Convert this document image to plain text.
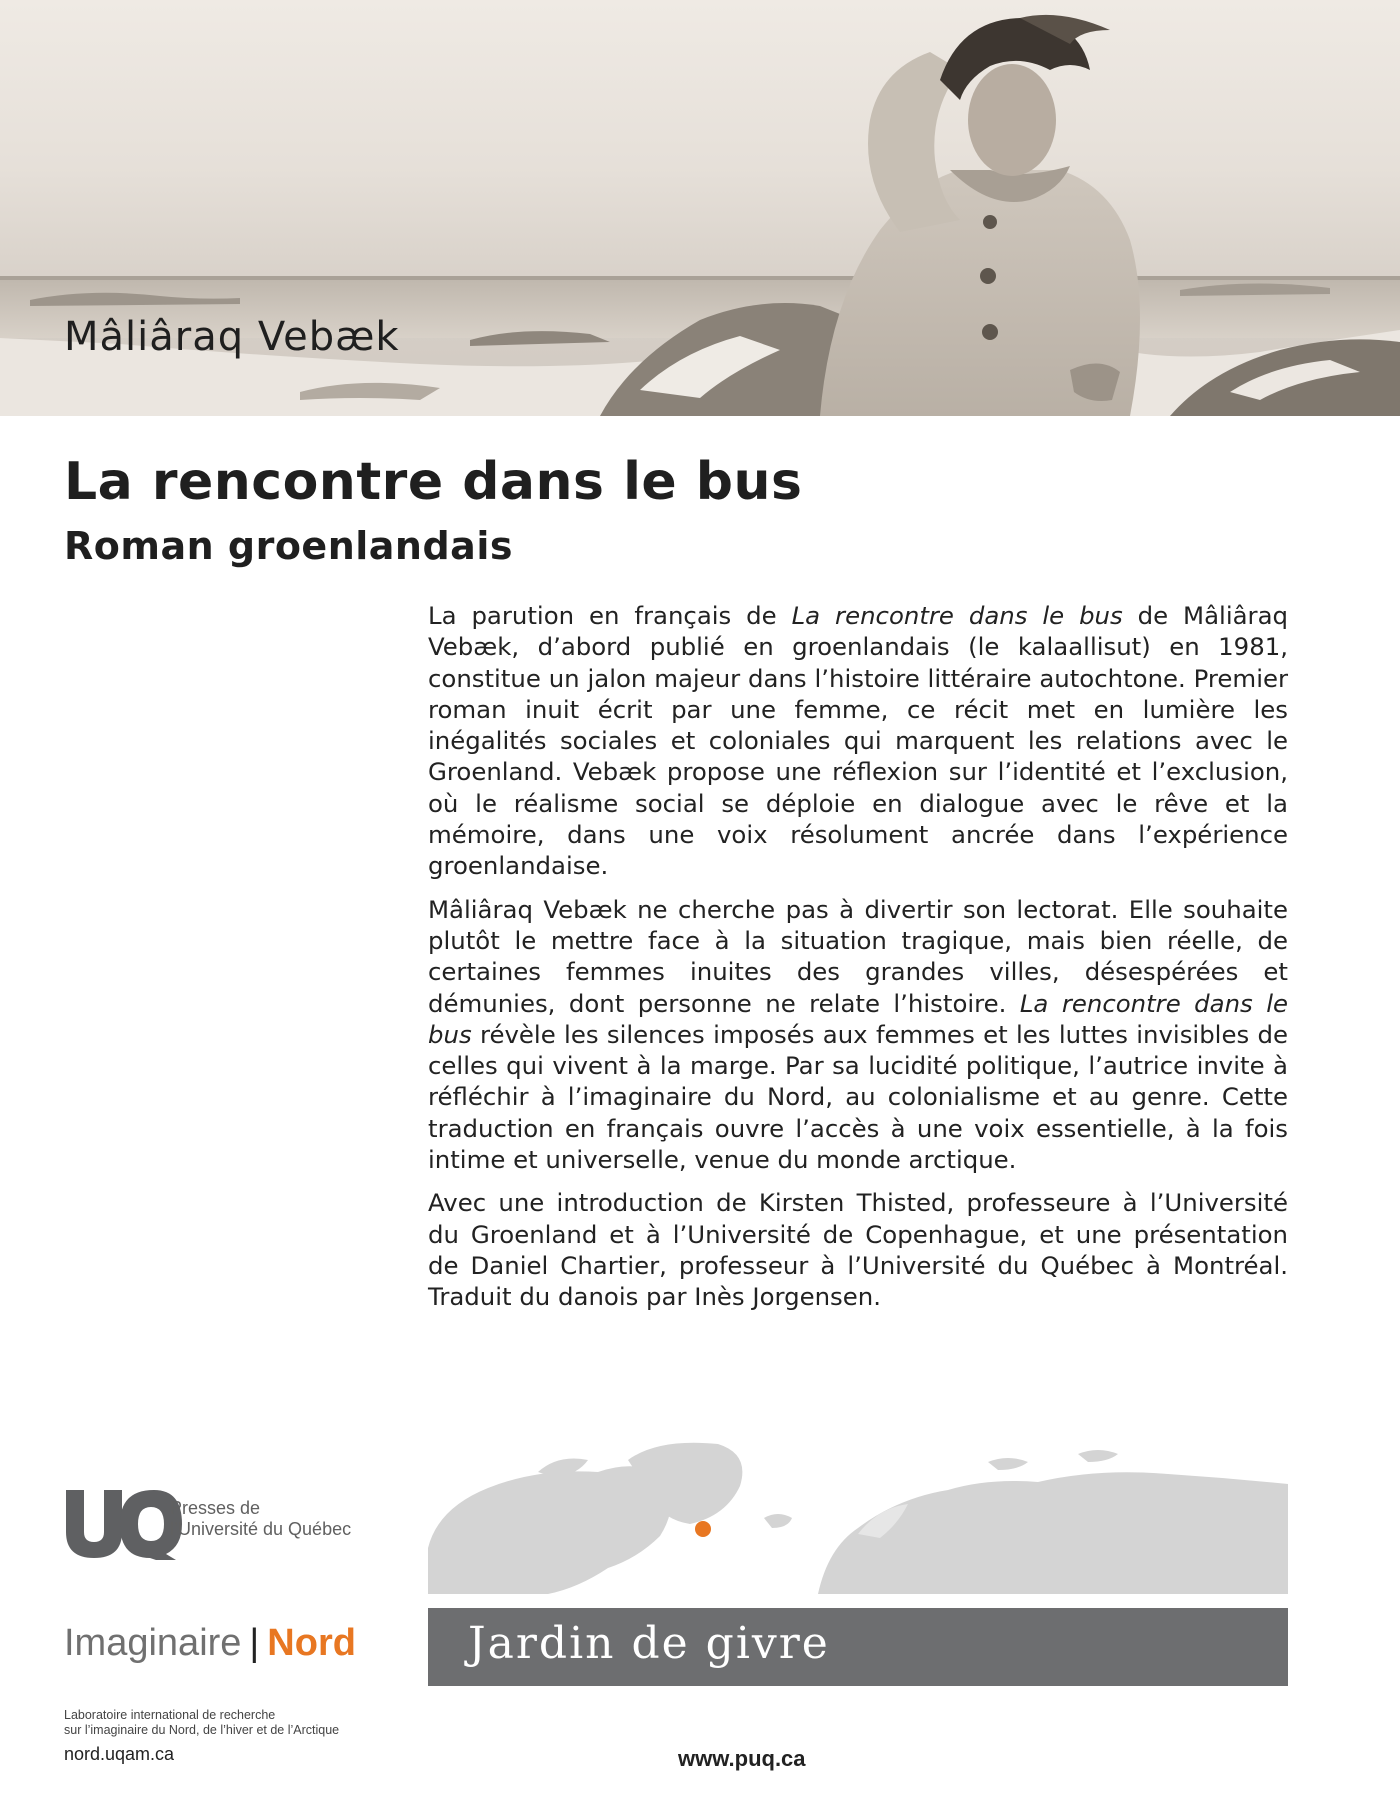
Mâliâraq Vebæk
La rencontre dans le bus
Roman groenlandais

La parution en français de La rencontre dans le bus de Mâliâraq Vebæk, d’abord publié en groenlandais (le kalaallisut) en 1981, constitue un jalon majeur dans l’histoire littéraire autochtone. Premier roman inuit écrit par une femme, ce récit met en lumière les inégalités sociales et coloniales qui marquent les relations avec le Groenland. Vebæk propose une réflexion sur l’identité et l’exclusion, où le réalisme social se déploie en dialogue avec le rêve et la mémoire, dans une voix résolument ancrée dans l’expérience groenlandaise.

Mâliâraq Vebæk ne cherche pas à divertir son lectorat. Elle souhaite plutôt le mettre face à la situation tragique, mais bien réelle, de certaines femmes inuites des grandes villes, désespérées et démunies, dont personne ne relate l’histoire. La rencontre dans le bus révèle les silences imposés aux femmes et les luttes invisibles de celles qui vivent à la marge. Par sa lucidité politique, l’autrice invite à réfléchir à l’imaginaire du Nord, au colonialisme et au genre. Cette traduction en français ouvre l’accès à une voix essentielle, à la fois intime et universelle, venue du monde arctique.

Avec une introduction de Kirsten Thisted, professeure à l’Université du Groenland et à l’Université de Copenhague, et une présentation de Daniel Chartier, professeur à l’Université du Québec à Montréal. Traduit du danois par Inès Jorgensen.

Presses de
l’Université du Québec
Imaginaire | Nord
Laboratoire international de recherche
sur l’imaginaire du Nord, de l’hiver et de l’Arctique
nord.uqam.ca
Jardin de givre
www.puq.ca
